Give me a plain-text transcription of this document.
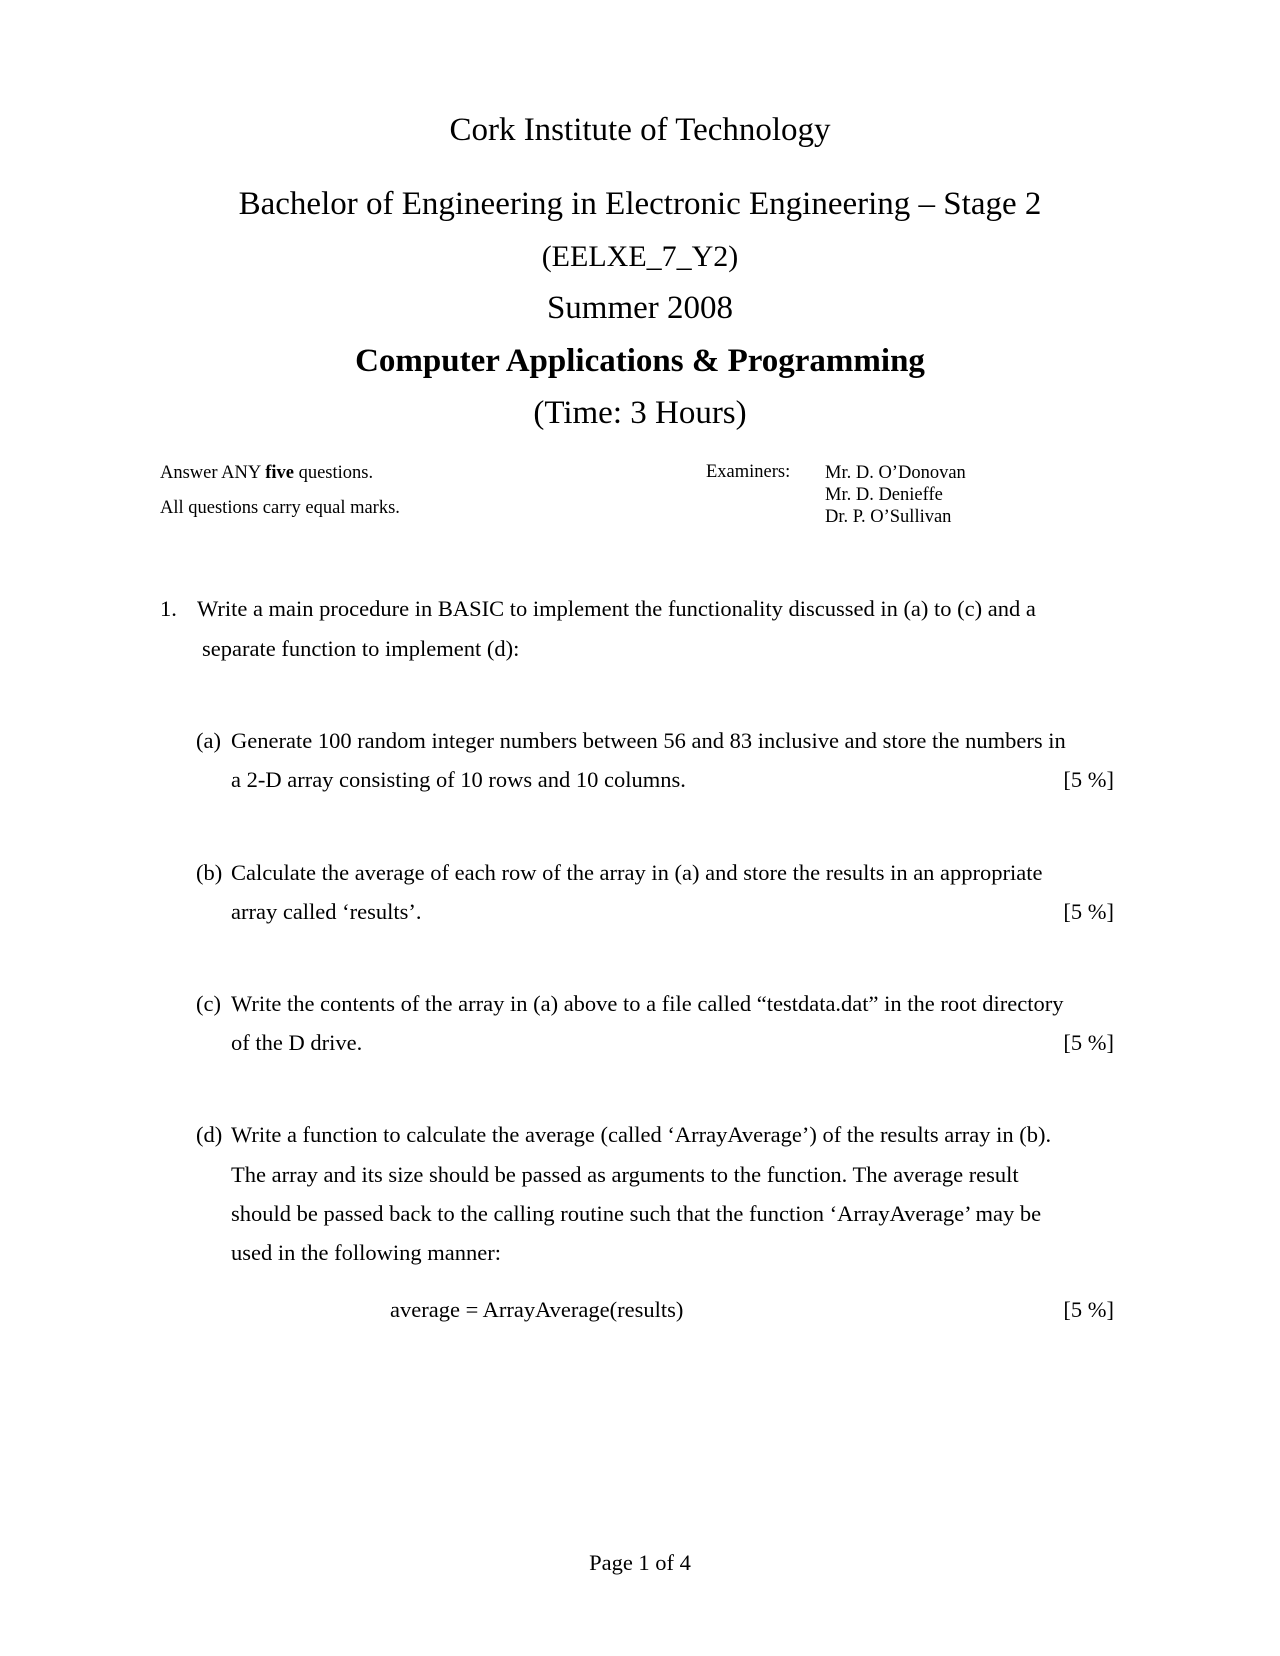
Cork Institute of Technology
Bachelor of Engineering in Electronic Engineering – Stage 2
(EELXE_7_Y2)
Summer 2008
Computer Applications & Programming
(Time: 3 Hours)
Answer ANY five questions.
All questions carry equal marks.
Examiners: Mr. D. O’Donovan
Mr. D. Denieffe
Dr. P. O’Sullivan
1. Write a main procedure in BASIC to implement the functionality discussed in (a) to (c) and a
separate function to implement (d):
(a) Generate 100 random integer numbers between 56 and 83 inclusive and store the numbers in
a 2-D array consisting of 10 rows and 10 columns.	[5 %]
(b) Calculate the average of each row of the array in (a) and store the results in an appropriate
array called ‘results’.	[5 %]
(c) Write the contents of the array in (a) above to a file called “testdata.dat” in the root directory
of the D drive.	[5 %]
(d) Write a function to calculate the average (called ‘ArrayAverage’) of the results array in (b).
The array and its size should be passed as arguments to the function. The average result
should be passed back to the calling routine such that the function ‘ArrayAverage’ may be
used in the following manner:
average = ArrayAverage(results)	[5 %]
Page 1 of 4
